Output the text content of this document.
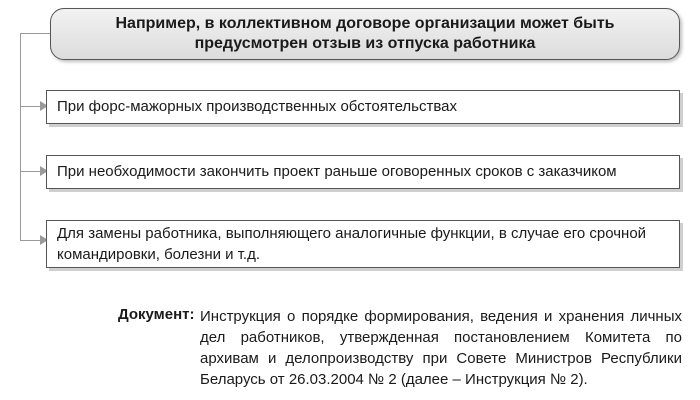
Например, в коллективном договоре организации может быть
предусмотрен отзыв из отпуска работника
При форс-мажорных производственных обстоятельствах
При необходимости закончить проект раньше оговоренных сроков с заказчиком
Для замены работника, выполняющего аналогичные функции, в случае его срочной командировки, болезни и т.д.
Документ: Инструкция о порядке формирования, ведения и хранения личных дел работников, утвержденная постановлением Комитета по архивам и делопроизводству при Совете Министров Республики Беларусь от 26.03.2004 № 2 (далее – Инструкция № 2).
